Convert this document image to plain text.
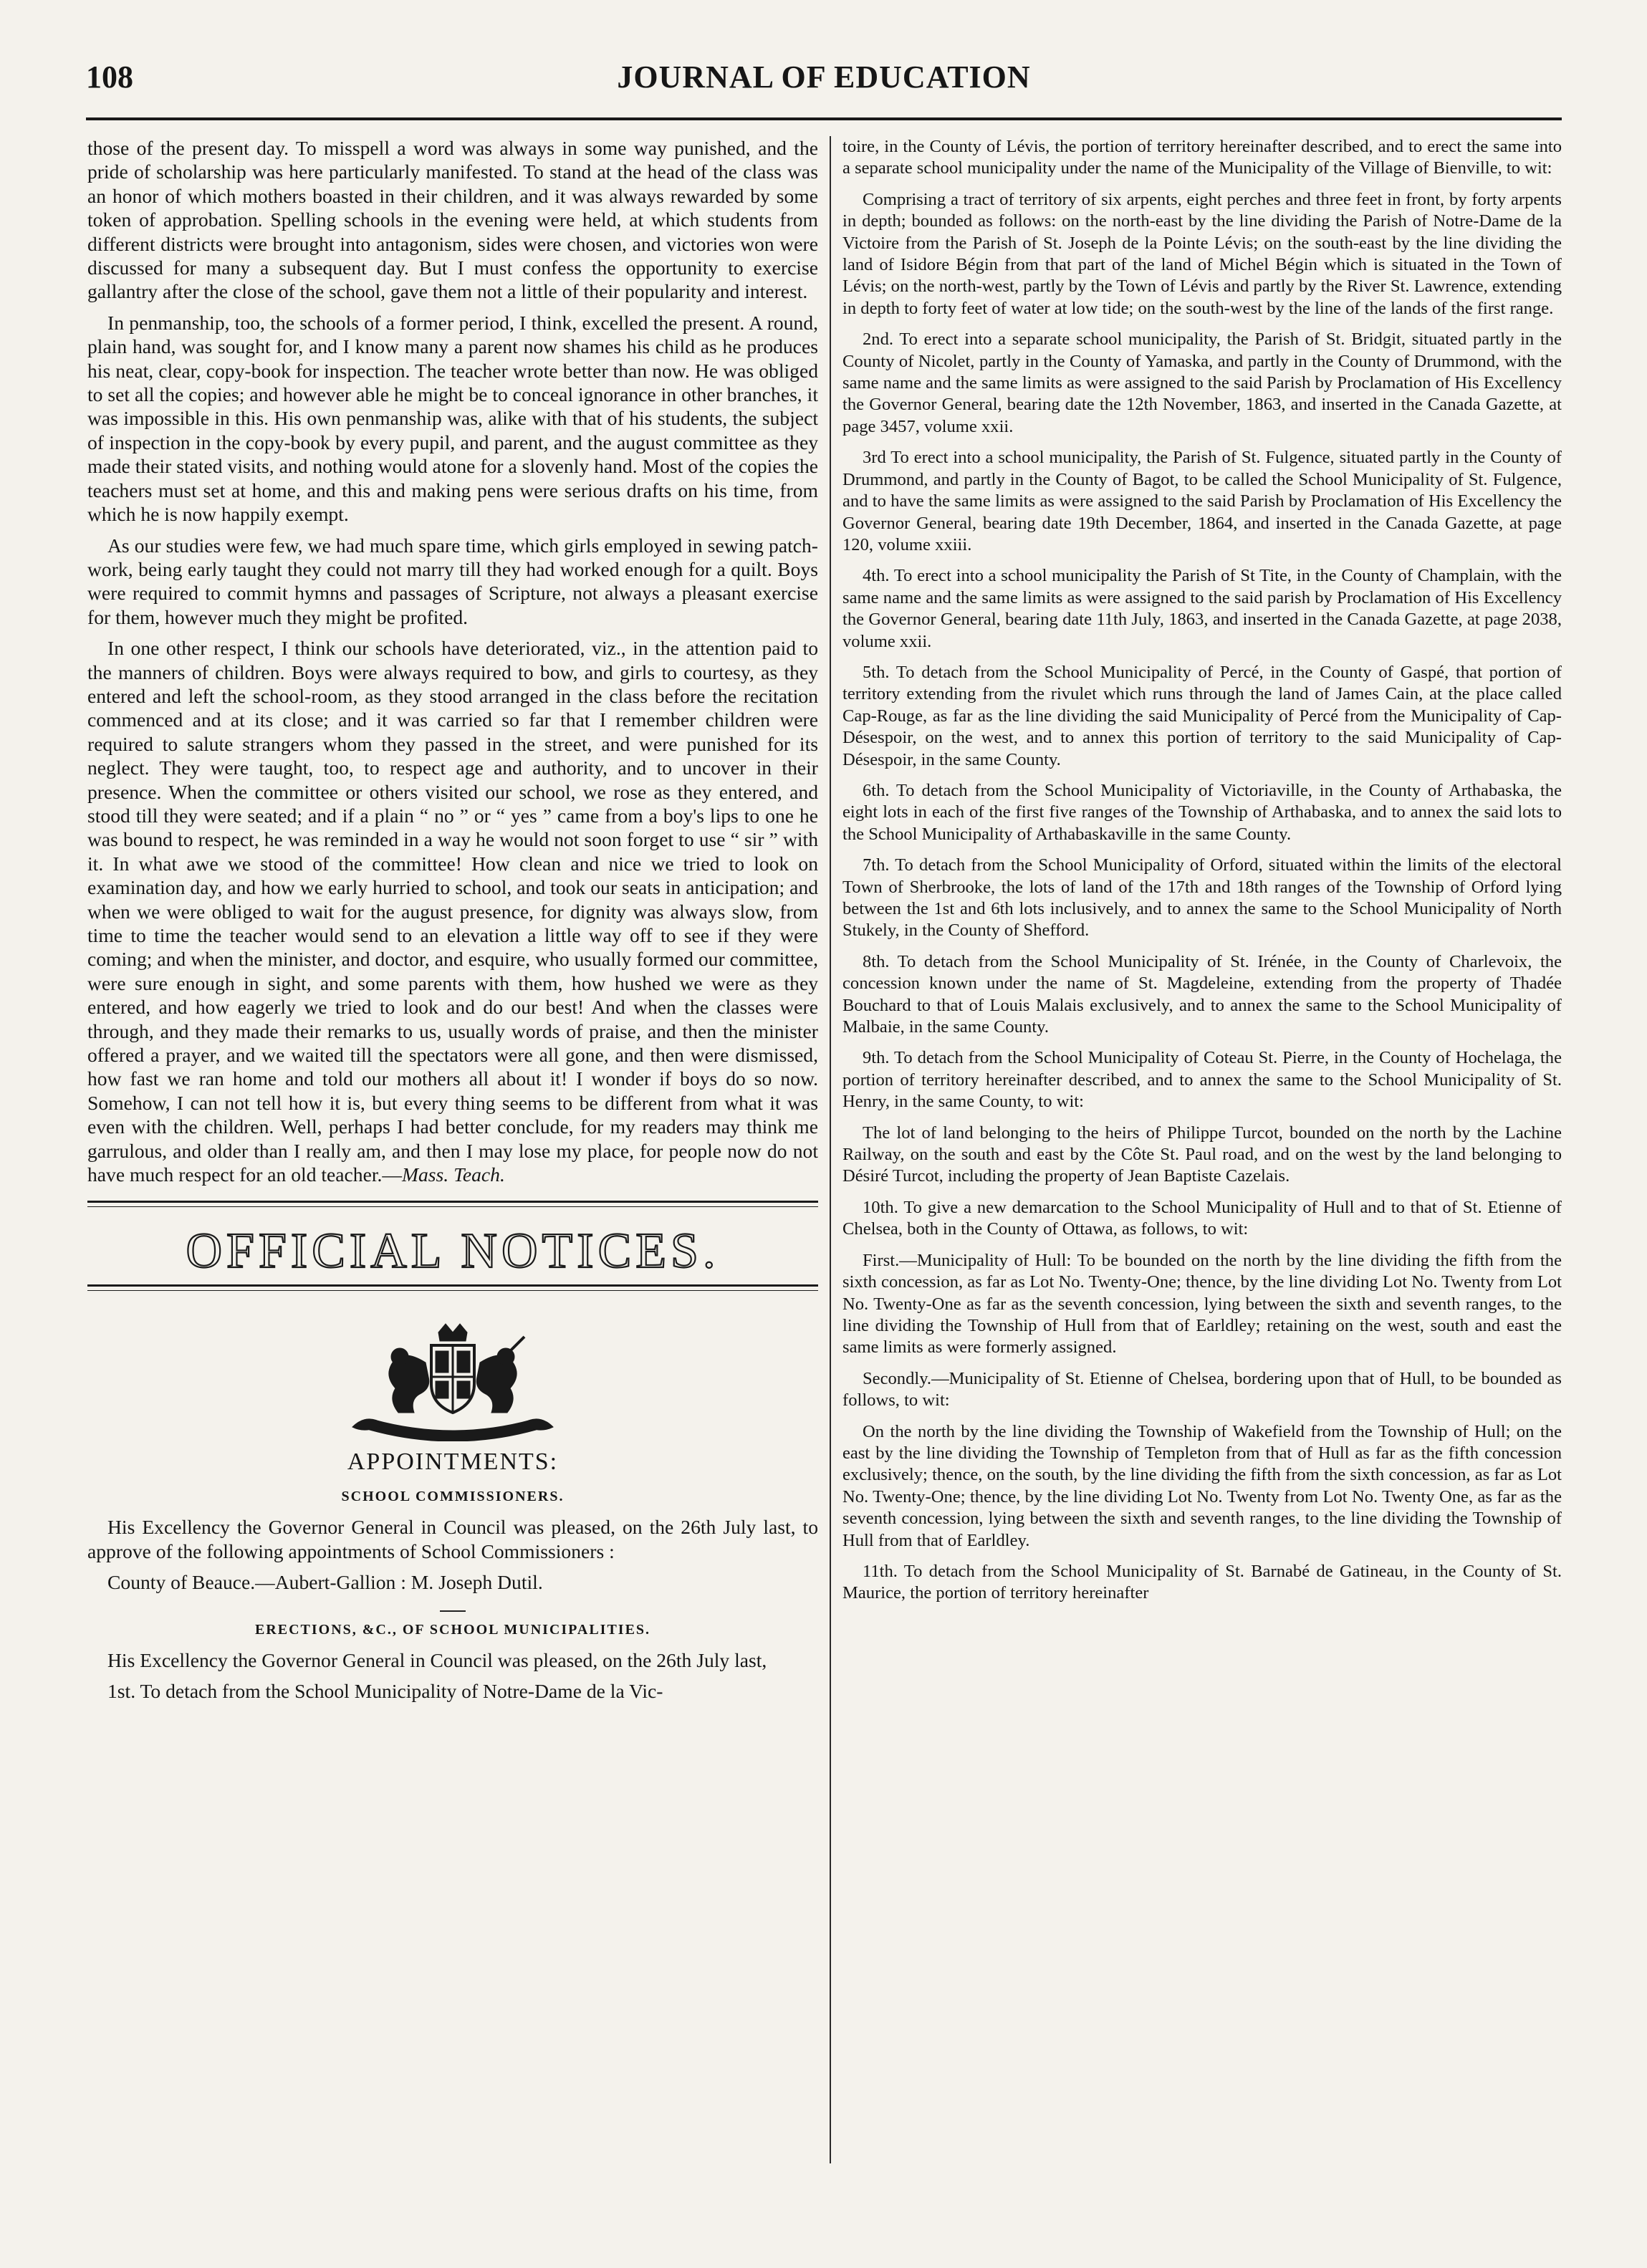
108	JOURNAL OF EDUCATION

those of the present day. To misspell a word was always in some way punished, and the pride of scholarship was here particularly manifested. To stand at the head of the class was an honor of which mothers boasted in their children, and it was always rewarded by some token of approbation. Spelling schools in the evening were held, at which students from different districts were brought into antagonism, sides were chosen, and victories won were discussed for many a subsequent day. But I must confess the opportunity to exercise gallantry after the close of the school, gave them not a little of their popularity and interest.

In penmanship, too, the schools of a former period, I think, excelled the present. A round, plain hand, was sought for, and I know many a parent now shames his child as he produces his neat, clear, copy-book for inspection. The teacher wrote better than now. He was obliged to set all the copies; and however able he might be to conceal ignorance in other branches, it was impossible in this. His own penmanship was, alike with that of his students, the subject of inspection in the copy-book by every pupil, and parent, and the august committee as they made their stated visits, and nothing would atone for a slovenly hand. Most of the copies the teachers must set at home, and this and making pens were serious drafts on his time, from which he is now happily exempt.

As our studies were few, we had much spare time, which girls employed in sewing patch-work, being early taught they could not marry till they had worked enough for a quilt. Boys were required to commit hymns and passages of Scripture, not always a pleasant exercise for them, however much they might be profited.

In one other respect, I think our schools have deteriorated, viz., in the attention paid to the manners of children. Boys were always required to bow, and girls to courtesy, as they entered and left the school-room, as they stood arranged in the class before the recitation commenced and at its close; and it was carried so far that I remember children were required to salute strangers whom they passed in the street, and were punished for its neglect. They were taught, too, to respect age and authority, and to uncover in their presence. When the committee or others visited our school, we rose as they entered, and stood till they were seated; and if a plain “ no ” or “ yes ” came from a boy's lips to one he was bound to respect, he was reminded in a way he would not soon forget to use “ sir ” with it. In what awe we stood of the committee! How clean and nice we tried to look on examination day, and how we early hurried to school, and took our seats in anticipation; and when we were obliged to wait for the august presence, for dignity was always slow, from time to time the teacher would send to an elevation a little way off to see if they were coming; and when the minister, and doctor, and esquire, who usually formed our committee, were sure enough in sight, and some parents with them, how hushed we were as they entered, and how eagerly we tried to look and do our best! And when the classes were through, and they made their remarks to us, usually words of praise, and then the minister offered a prayer, and we waited till the spectators were all gone, and then were dismissed, how fast we ran home and told our mothers all about it! I wonder if boys do so now. Somehow, I can not tell how it is, but every thing seems to be different from what it was even with the children. Well, perhaps I had better conclude, for my readers may think me garrulous, and older than I really am, and then I may lose my place, for people now do not have much respect for an old teacher.—Mass. Teach.

OFFICIAL NOTICES.
APPOINTMENTS:
SCHOOL COMMISSIONERS.

His Excellency the Governor General in Council was pleased, on the 26th July last, to approve of the following appointments of School Commissioners :

County of Beauce.—Aubert-Gallion : M. Joseph Dutil.

ERECTIONS, &C., OF SCHOOL MUNICIPALITIES.

His Excellency the Governor General in Council was pleased, on the 26th July last,

1st. To detach from the School Municipality of Notre-Dame de la Vic-

toire, in the County of Lévis, the portion of territory hereinafter described, and to erect the same into a separate school municipality under the name of the Municipality of the Village of Bienville, to wit:

Comprising a tract of territory of six arpents, eight perches and three feet in front, by forty arpents in depth; bounded as follows: on the north-east by the line dividing the Parish of Notre-Dame de la Victoire from the Parish of St. Joseph de la Pointe Lévis; on the south-east by the line dividing the land of Isidore Bégin from that part of the land of Michel Bégin which is situated in the Town of Lévis; on the north-west, partly by the Town of Lévis and partly by the River St. Lawrence, extending in depth to forty feet of water at low tide; on the south-west by the line of the lands of the first range.

2nd. To erect into a separate school municipality, the Parish of St. Bridgit, situated partly in the County of Nicolet, partly in the County of Yamaska, and partly in the County of Drummond, with the same name and the same limits as were assigned to the said Parish by Proclamation of His Excellency the Governor General, bearing date the 12th November, 1863, and inserted in the Canada Gazette, at page 3457, volume xxii.

3rd To erect into a school municipality, the Parish of St. Fulgence, situated partly in the County of Drummond, and partly in the County of Bagot, to be called the School Municipality of St. Fulgence, and to have the same limits as were assigned to the said Parish by Proclamation of His Excellency the Governor General, bearing date 19th December, 1864, and inserted in the Canada Gazette, at page 120, volume xxiii.

4th. To erect into a school municipality the Parish of St Tite, in the County of Champlain, with the same name and the same limits as were assigned to the said parish by Proclamation of His Excellency the Governor General, bearing date 11th July, 1863, and inserted in the Canada Gazette, at page 2038, volume xxii.

5th. To detach from the School Municipality of Percé, in the County of Gaspé, that portion of territory extending from the rivulet which runs through the land of James Cain, at the place called Cap-Rouge, as far as the line dividing the said Municipality of Percé from the Municipality of Cap-Désespoir, on the west, and to annex this portion of territory to the said Municipality of Cap-Désespoir, in the same County.

6th. To detach from the School Municipality of Victoriaville, in the County of Arthabaska, the eight lots in each of the first five ranges of the Township of Arthabaska, and to annex the said lots to the School Municipality of Arthabaskaville in the same County.

7th. To detach from the School Municipality of Orford, situated within the limits of the electoral Town of Sherbrooke, the lots of land of the 17th and 18th ranges of the Township of Orford lying between the 1st and 6th lots inclusively, and to annex the same to the School Municipality of North Stukely, in the County of Shefford.

8th. To detach from the School Municipality of St. Irénée, in the County of Charlevoix, the concession known under the name of St. Magdeleine, extending from the property of Thadée Bouchard to that of Louis Malais exclusively, and to annex the same to the School Municipality of Malbaie, in the same County.

9th. To detach from the School Municipality of Coteau St. Pierre, in the County of Hochelaga, the portion of territory hereinafter described, and to annex the same to the School Municipality of St. Henry, in the same County, to wit:

The lot of land belonging to the heirs of Philippe Turcot, bounded on the north by the Lachine Railway, on the south and east by the Côte St. Paul road, and on the west by the land belonging to Désiré Turcot, including the property of Jean Baptiste Cazelais.

10th. To give a new demarcation to the School Municipality of Hull and to that of St. Etienne of Chelsea, both in the County of Ottawa, as follows, to wit:

First.—Municipality of Hull: To be bounded on the north by the line dividing the fifth from the sixth concession, as far as Lot No. Twenty-One; thence, by the line dividing Lot No. Twenty from Lot No. Twenty-One as far as the seventh concession, lying between the sixth and seventh ranges, to the line dividing the Township of Hull from that of Earldley; retaining on the west, south and east the same limits as were formerly assigned.

Secondly.—Municipality of St. Etienne of Chelsea, bordering upon that of Hull, to be bounded as follows, to wit:

On the north by the line dividing the Township of Wakefield from the Township of Hull; on the east by the line dividing the Township of Templeton from that of Hull as far as the fifth concession exclusively; thence, on the south, by the line dividing the fifth from the sixth concession, as far as Lot No. Twenty-One; thence, by the line dividing Lot No. Twenty from Lot No. Twenty One, as far as the seventh concession, lying between the sixth and seventh ranges, to the line dividing the Township of Hull from that of Earldley.

11th. To detach from the School Municipality of St. Barnabé de Gatineau, in the County of St. Maurice, the portion of territory hereinafter
